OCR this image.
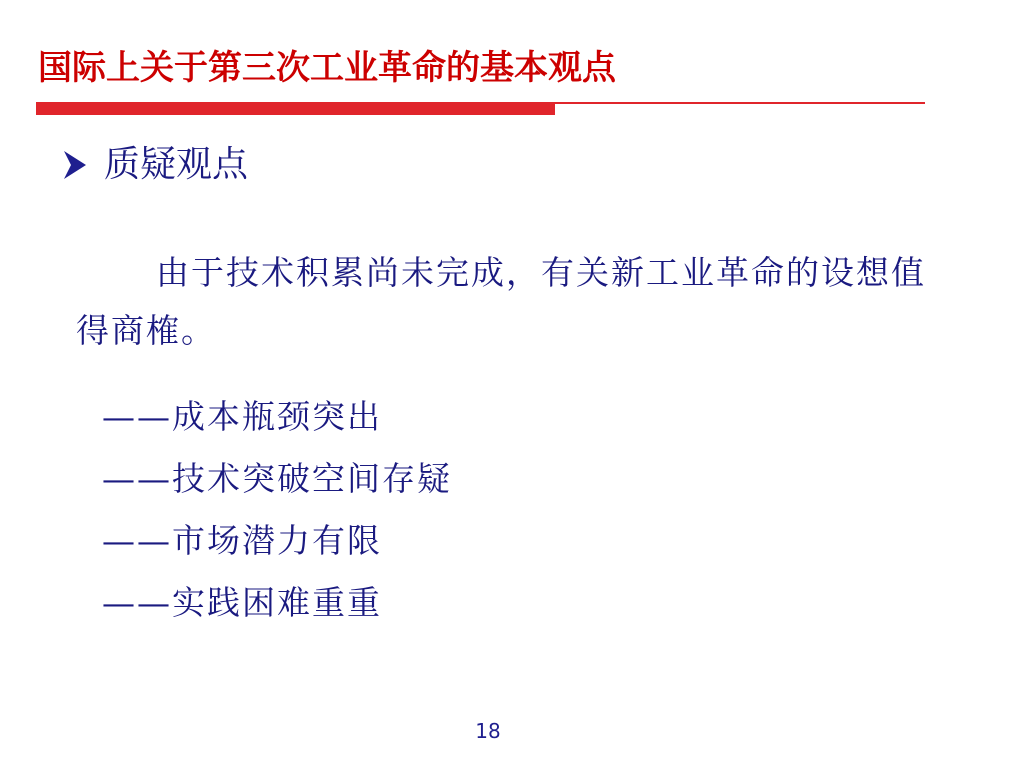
国际上关于第三次工业革命的基本观点
质疑观点

由于技术积累尚未完成，有关新工业革命的设想值得商榷。

——成本瓶颈突出
——技术突破空间存疑
——市场潜力有限
——实践困难重重
18
